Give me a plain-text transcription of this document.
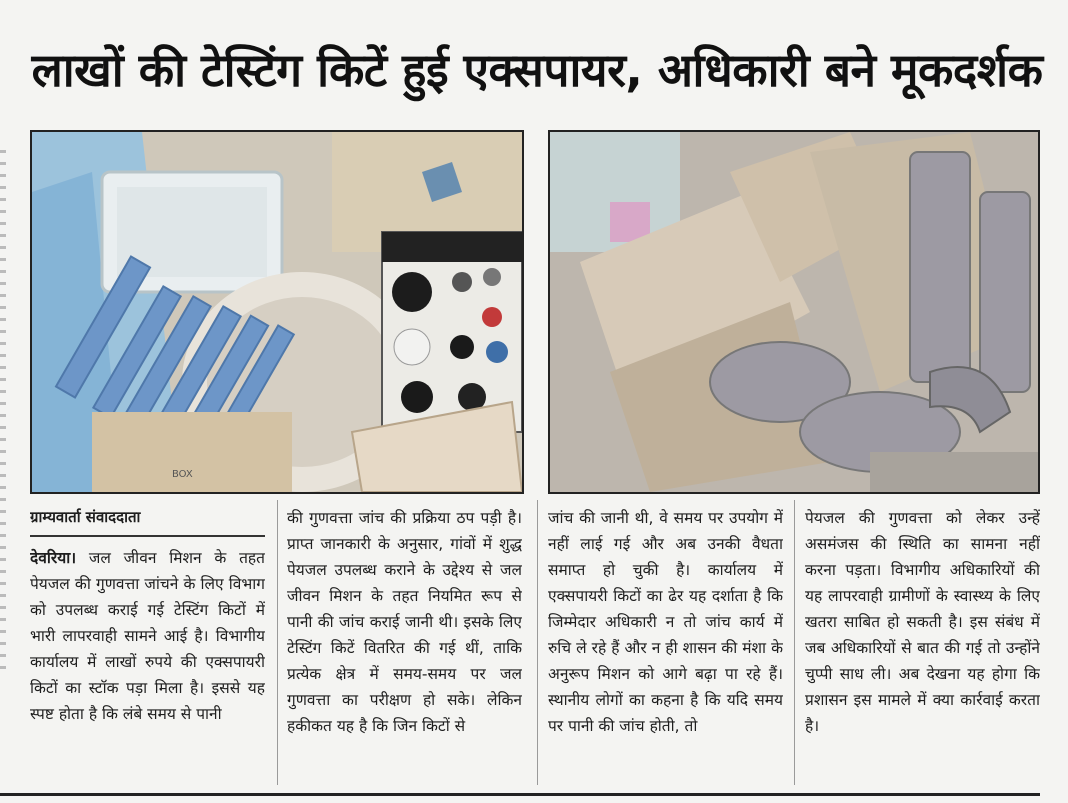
लाखों की टेस्टिंग किटें हुई एक्सपायर, अधिकारी बने मूकदर्शक
BOX
ग्राम्यवार्ता संवाददाता
देवरिया। जल जीवन मिशन के तहत पेयजल की गुणवत्ता जांचने के लिए विभाग को उपलब्ध कराई गई टेस्टिंग किटों में भारी लापरवाही सामने आई है। विभागीय कार्यालय में लाखों रुपये की एक्सपायरी किटों का स्टॉक पड़ा मिला है। इससे यह स्पष्ट होता है कि लंबे समय से पानी
की गुणवत्ता जांच की प्रक्रिया ठप पड़ी है। प्राप्त जानकारी के अनुसार, गांवों में शुद्ध पेयजल उपलब्ध कराने के उद्देश्य से जल जीवन मिशन के तहत नियमित रूप से पानी की जांच कराई जानी थी। इसके लिए टेस्टिंग किटें वितरित की गई थीं, ताकि प्रत्येक क्षेत्र में समय-समय पर जल गुणवत्ता का परीक्षण हो सके। लेकिन हकीकत यह है कि जिन किटों से
जांच की जानी थी, वे समय पर उपयोग में नहीं लाई गई और अब उनकी वैधता समाप्त हो चुकी है। कार्यालय में एक्सपायरी किटों का ढेर यह दर्शाता है कि जिम्मेदार अधिकारी न तो जांच कार्य में रुचि ले रहे हैं और न ही शासन की मंशा के अनुरूप मिशन को आगे बढ़ा पा रहे हैं। स्थानीय लोगों का कहना है कि यदि समय पर पानी की जांच होती, तो
पेयजल की गुणवत्ता को लेकर उन्हें असमंजस की स्थिति का सामना नहीं करना पड़ता। विभागीय अधिकारियों की यह लापरवाही ग्रामीणों के स्वास्थ्य के लिए खतरा साबित हो सकती है। इस संबंध में जब अधिकारियों से बात की गई तो उन्होंने चुप्पी साध ली। अब देखना यह होगा कि प्रशासन इस मामले में क्या कार्रवाई करता है।
